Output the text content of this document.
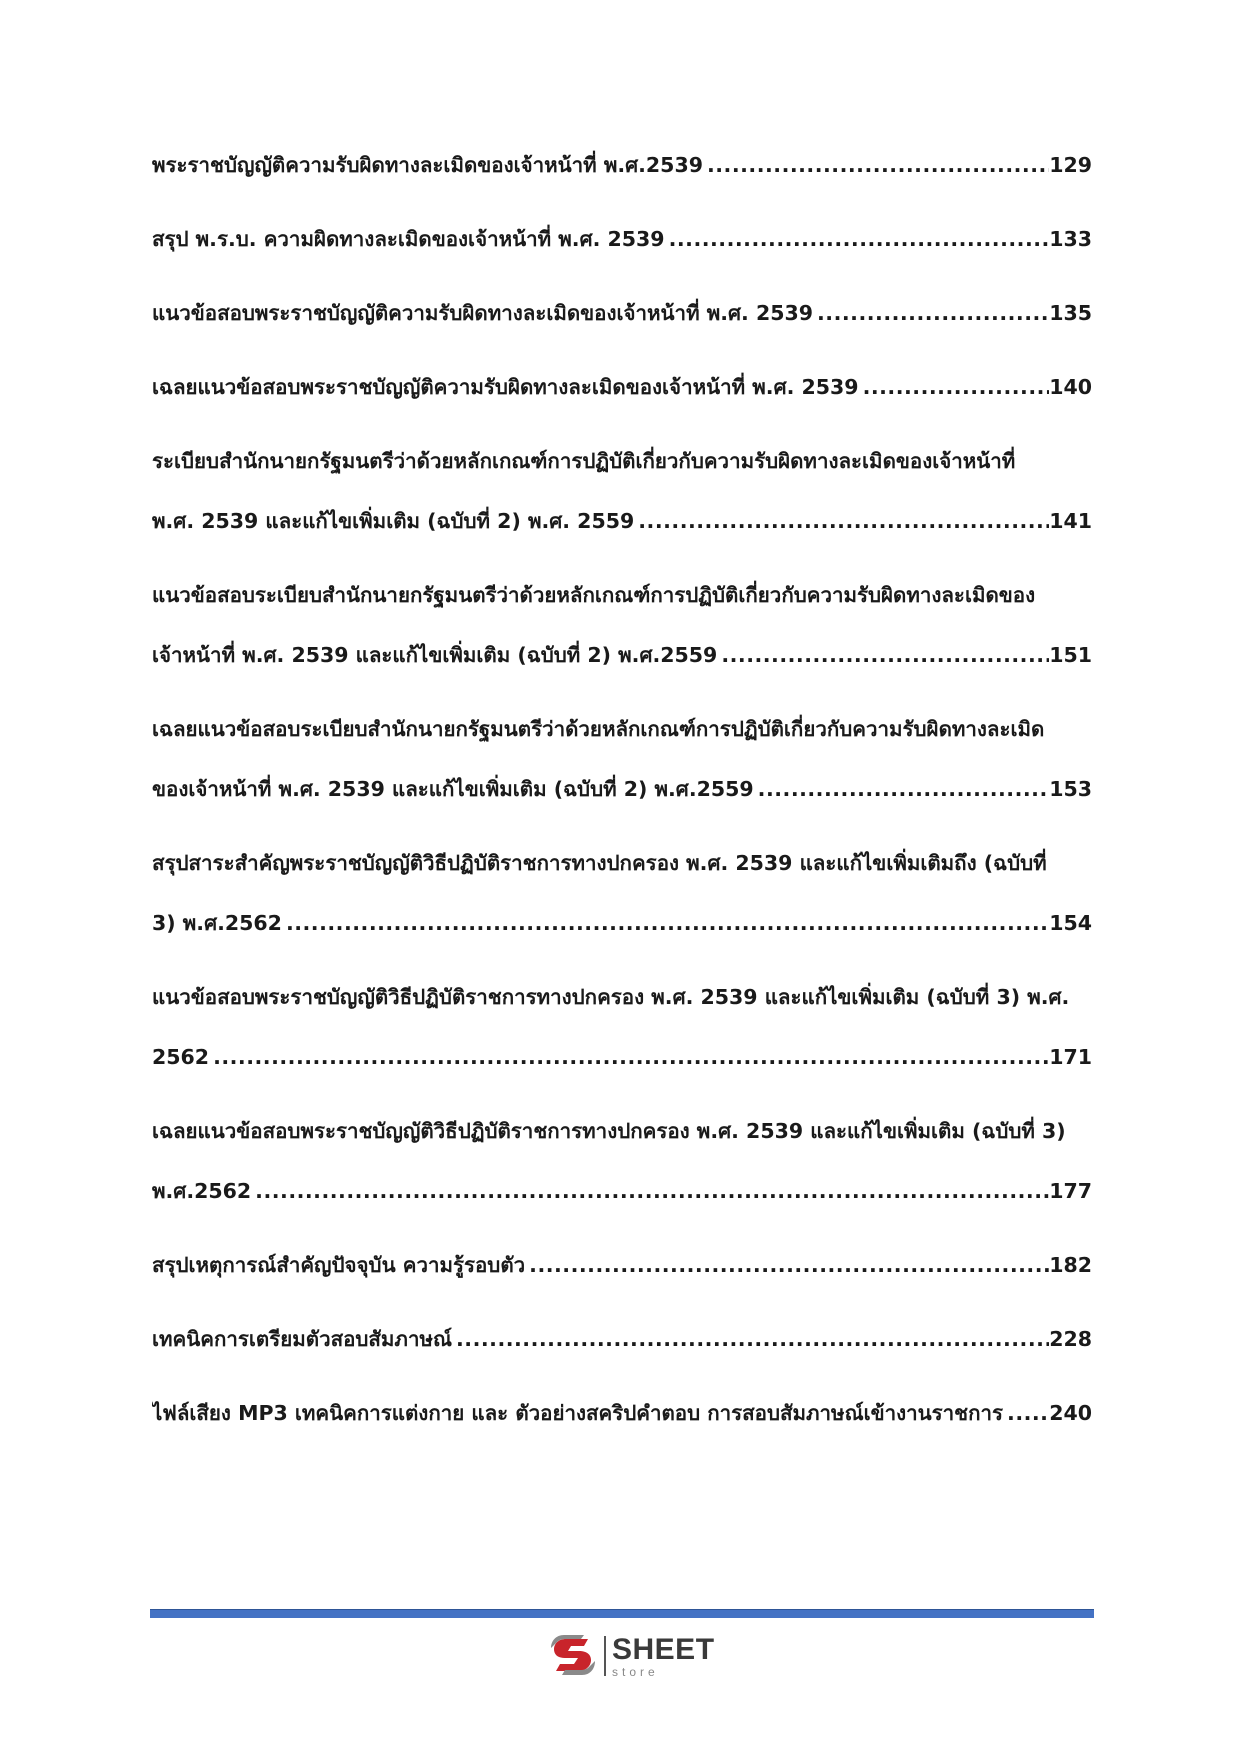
พระราชบัญญัติความรับผิดทางละเมิดของเจ้าหน้าที่ พ.ศ.2539 .....	129
สรุป พ.ร.บ. ความผิดทางละเมิดของเจ้าหน้าที่ พ.ศ. 2539 .....	133
แนวข้อสอบพระราชบัญญัติความรับผิดทางละเมิดของเจ้าหน้าที่ พ.ศ. 2539 .....	135
เฉลยแนวข้อสอบพระราชบัญญัติความรับผิดทางละเมิดของเจ้าหน้าที่ พ.ศ. 2539 .....	140
ระเบียบสำนักนายกรัฐมนตรีว่าด้วยหลักเกณฑ์การปฏิบัติเกี่ยวกับความรับผิดทางละเมิดของเจ้าหน้าที่
พ.ศ. 2539 และแก้ไขเพิ่มเติม (ฉบับที่ 2) พ.ศ. 2559 .....	141
แนวข้อสอบระเบียบสำนักนายกรัฐมนตรีว่าด้วยหลักเกณฑ์การปฏิบัติเกี่ยวกับความรับผิดทางละเมิดของ
เจ้าหน้าที่ พ.ศ. 2539 และแก้ไขเพิ่มเติม (ฉบับที่ 2) พ.ศ.2559 .....	151
เฉลยแนวข้อสอบระเบียบสำนักนายกรัฐมนตรีว่าด้วยหลักเกณฑ์การปฏิบัติเกี่ยวกับความรับผิดทางละเมิด
ของเจ้าหน้าที่ พ.ศ. 2539 และแก้ไขเพิ่มเติม (ฉบับที่ 2) พ.ศ.2559 .....	153
สรุปสาระสำคัญพระราชบัญญัติวิธีปฏิบัติราชการทางปกครอง พ.ศ. 2539 และแก้ไขเพิ่มเติมถึง (ฉบับที่
3) พ.ศ.2562 .....	154
แนวข้อสอบพระราชบัญญัติวิธีปฏิบัติราชการทางปกครอง พ.ศ. 2539 และแก้ไขเพิ่มเติม (ฉบับที่ 3) พ.ศ.
2562 .....	171
เฉลยแนวข้อสอบพระราชบัญญัติวิธีปฏิบัติราชการทางปกครอง พ.ศ. 2539 และแก้ไขเพิ่มเติม (ฉบับที่ 3)
พ.ศ.2562 .....	177
สรุปเหตุการณ์สำคัญปัจจุบัน ความรู้รอบตัว .....	182
เทคนิคการเตรียมตัวสอบสัมภาษณ์ .....	228
ไฟล์เสียง MP3 เทคนิคการแต่งกาย และ ตัวอย่างสคริปคำตอบ การสอบสัมภาษณ์เข้างานราชการ ..... 240
SHEET
store
